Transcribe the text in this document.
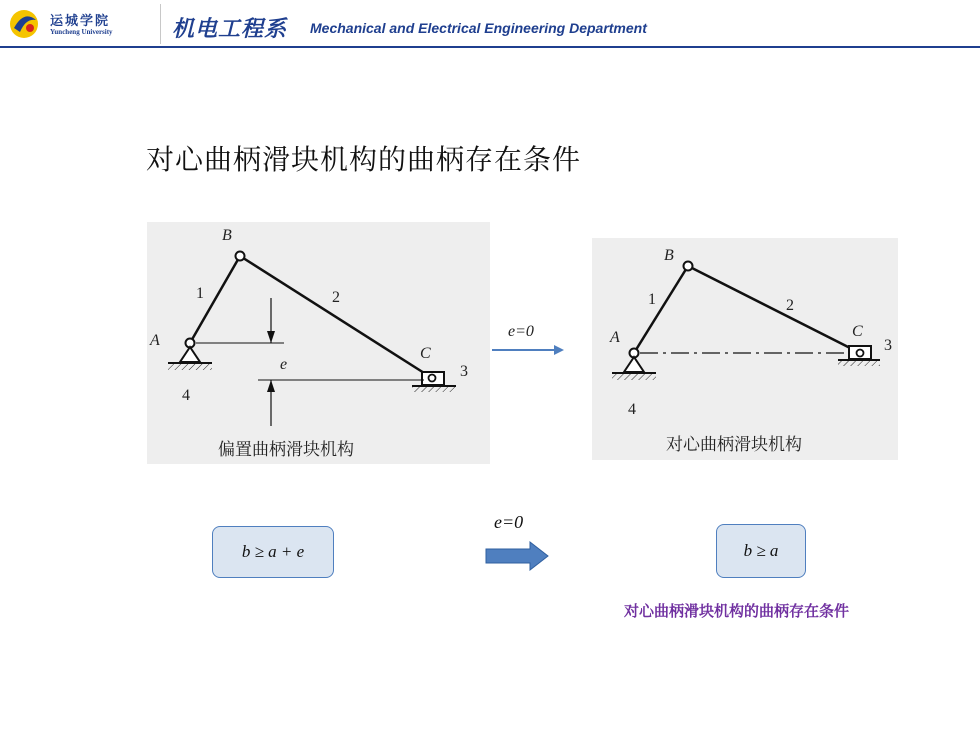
运城学院
Yuncheng University	机电工程系 Mechanical and Electrical Engineering Department
对心曲柄滑块机构的曲柄存在条件
B
A
C
1	2
3
4
e
偏置曲柄滑块机构
e=0
B
A	C
1	2
3
4
对心曲柄滑块机构
b ≥ a + e
e=0
b ≥ a
对心曲柄滑块机构的曲柄存在条件
